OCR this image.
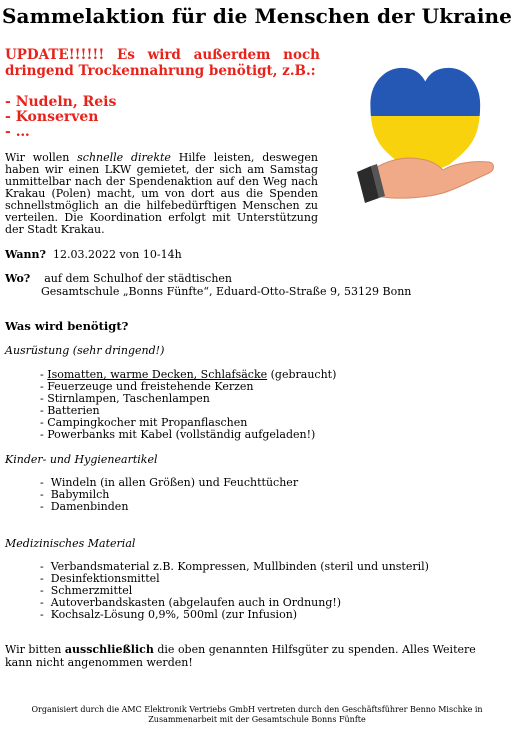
Sammelaktion für die Menschen der Ukraine

UPDATE!!!!!! Es wird außerdem noch dringend Trockennahrung benötigt, z.B.:

- Nudeln, Reis
- Konserven
- …

Wir wollen schnelle direkte Hilfe leisten, deswegen haben wir einen LKW gemietet, der sich am Samstag unmittelbar nach der Spendenaktion auf den Weg nach Krakau (Polen) macht, um von dort aus die Spenden schnellstmöglich an die hilfebedürftigen Menschen zu verteilen. Die Koordination erfolgt mit Unterstützung der Stadt Krakau.

Wann? 12.03.2022 von 10-14h
Wo? auf dem Schulhof der städtischen
Gesamtschule „Bonns Fünfte“, Eduard-Otto-Straße 9, 53129 Bonn
Was wird benötigt?
Ausrüstung (sehr dringend!)
- Isomatten, warme Decken, Schlafsäcke (gebraucht)
- Feuerzeuge und freistehende Kerzen
- Stirnlampen, Taschenlampen
- Batterien
- Campingkocher mit Propanflaschen
- Powerbanks mit Kabel (vollständig aufgeladen!)
Kinder- und Hygieneartikel
-  Windeln (in allen Größen) und Feuchttücher
-  Babymilch
-  Damenbinden
Medizinisches Material
-  Verbandsmaterial z.B. Kompressen, Mullbinden (steril und unsteril)
-  Desinfektionsmittel
-  Schmerzmittel
-  Autoverbandskasten (abgelaufen auch in Ordnung!)
-  Kochsalz-Lösung 0,9%, 500ml (zur Infusion)
Wir bitten ausschließlich die oben genannten Hilfsgüter zu spenden. Alles Weitere kann nicht angenommen werden!
Organisiert durch die AMC Elektronik Vertriebs GmbH vertreten durch den Geschäftsführer Benno Mischke in Zusammenarbeit mit der Gesamtschule Bonns Fünfte
